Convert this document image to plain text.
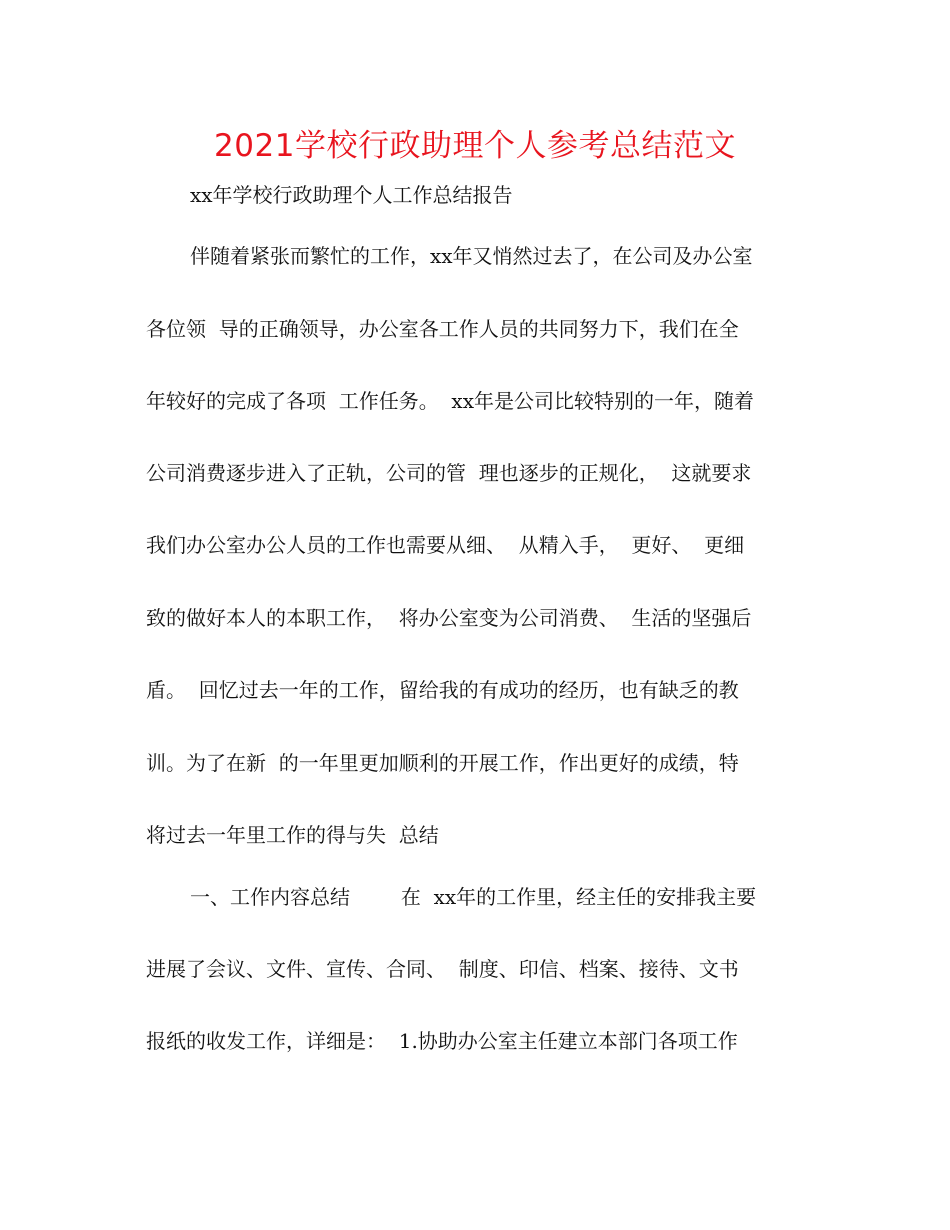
2021学校行政助理个人参考总结范文
xx年学校行政助理个人工作总结报告
伴随着紧张而繁忙的工作，xx年又悄然过去了，在公司及办公室
各位领  导的正确领导，办公室各工作人员的共同努力下，我们在全
年较好的完成了各项  工作任务。  xx年是公司比较特别的一年，随着
公司消费逐步进入了正轨，公司的管  理也逐步的正规化，  这就要求
我们办公室办公人员的工作也需要从细、  从精入手，  更好、  更细
致的做好本人的本职工作，  将办公室变为公司消费、  生活的坚强后
盾。  回忆过去一年的工作，留给我的有成功的经历，也有缺乏的教
训。为了在新  的一年里更加顺利的开展工作，作出更好的成绩，特
将过去一年里工作的得与失  总结
一、工作内容总结        在  xx年的工作里，经主任的安排我主要
进展了会议、文件、宣传、合同、  制度、印信、档案、接待、文书
报纸的收发工作，详细是：  1.协助办公室主任建立本部门各项工作
